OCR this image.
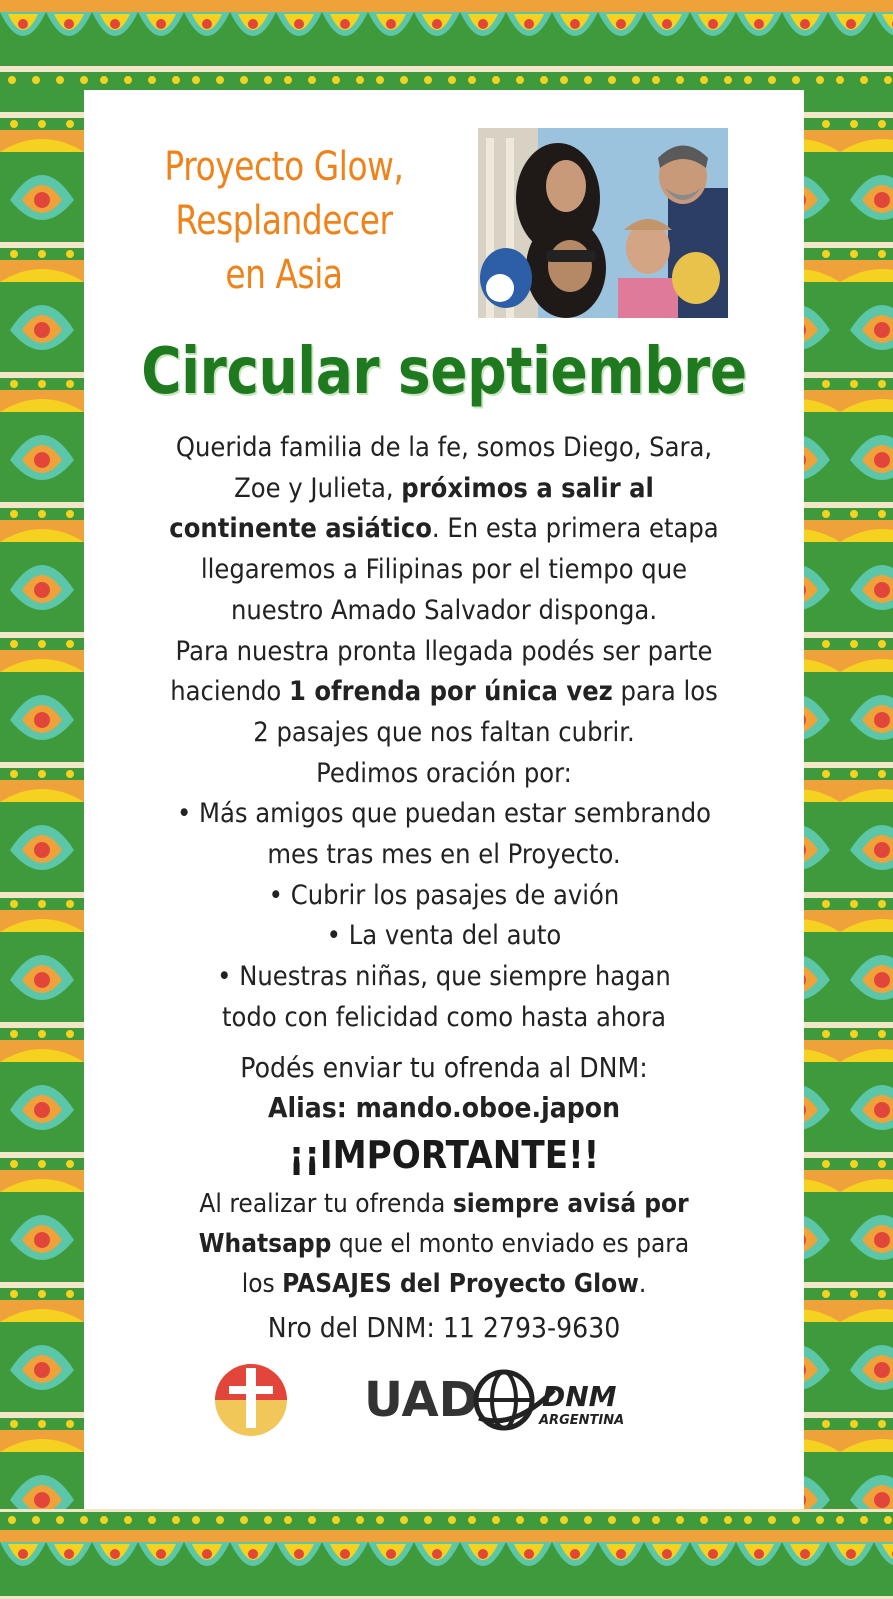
Proyecto Glow,
Resplandecer
en Asia
Circular septiembre
Querida familia de la fe, somos Diego, Sara,
Zoe y Julieta, próximos a salir al
continente asiático. En esta primera etapa
llegaremos a Filipinas por el tiempo que
nuestro Amado Salvador disponga.
Para nuestra pronta llegada podés ser parte
haciendo 1 ofrenda por única vez para los
2 pasajes que nos faltan cubrir.
Pedimos oración por:
• Más amigos que puedan estar sembrando
mes tras mes en el Proyecto.
• Cubrir los pasajes de avión
• La venta del auto
• Nuestras niñas, que siempre hagan
todo con felicidad como hasta ahora
Podés enviar tu ofrenda al DNM:
Alias: mando.oboe.japon
¡¡IMPORTANTE!!
Al realizar tu ofrenda siempre avisá por
Whatsapp que el monto enviado es para
los PASAJES del Proyecto Glow.
Nro del DNM: 11 2793-9630
UAD DNM
ARGENTINA
